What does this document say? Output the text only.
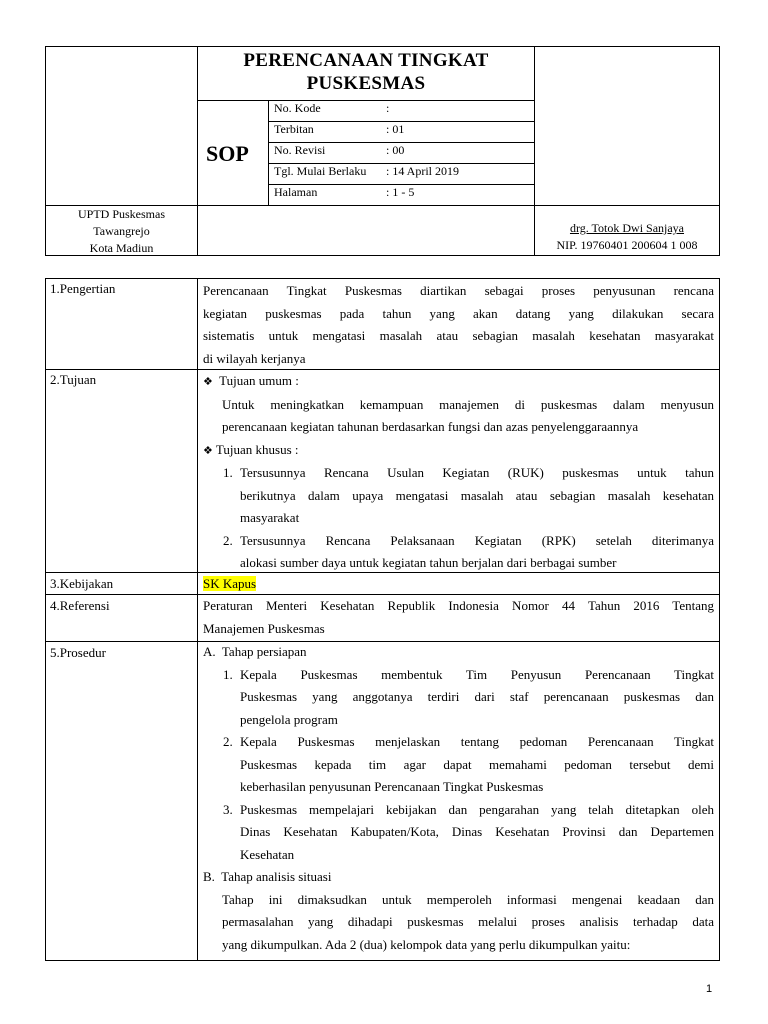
PERENCANAAN TINGKAT
PUSKESMAS
SOP
No. Kode	:
Terbitan	: 01
No. Revisi	: 00
Tgl. Mulai Berlaku : 14 April 2019
Halaman	: 1 - 5
UPTD Puskesmas
Tawangrejo
Kota Madiun
drg. Totok Dwi Sanjaya
NIP. 19760401 200604 1 008
1.Pengertian	Perencanaan Tingkat Puskesmas diartikan sebagai proses penyusunan rencana
kegiatan puskesmas pada tahun yang akan datang yang dilakukan secara
sistematis untuk mengatasi masalah atau sebagian masalah kesehatan masyarakat
di wilayah kerjanya
2.Tujuan	❖ Tujuan umum :
Untuk meningkatkan kemampuan manajemen di puskesmas dalam menyusun
perencanaan kegiatan tahunan berdasarkan fungsi dan azas penyelenggaraannya
❖ Tujuan khusus :
1. Tersusunnya Rencana Usulan Kegiatan (RUK) puskesmas untuk tahun
berikutnya dalam upaya mengatasi masalah atau sebagian masalah kesehatan
masyarakat
2. Tersusunnya Rencana Pelaksanaan Kegiatan (RPK) setelah diterimanya
alokasi sumber daya untuk kegiatan tahun berjalan dari berbagai sumber
3.Kebijakan	SK Kapus
4.Referensi	Peraturan Menteri Kesehatan Republik Indonesia Nomor 44 Tahun 2016 Tentang
Manajemen Puskesmas
5.Prosedur	A.  Tahap persiapan
1. Kepala Puskesmas membentuk Tim Penyusun Perencanaan Tingkat
Puskesmas yang anggotanya terdiri dari staf perencanaan puskesmas dan
pengelola program
2. Kepala Puskesmas menjelaskan tentang pedoman Perencanaan Tingkat
Puskesmas kepada tim agar dapat memahami pedoman tersebut demi
keberhasilan penyusunan Perencanaan Tingkat Puskesmas
3. Puskesmas mempelajari kebijakan dan pengarahan yang telah ditetapkan oleh
Dinas Kesehatan Kabupaten/Kota, Dinas Kesehatan Provinsi dan Departemen
Kesehatan
B.  Tahap analisis situasi
Tahap ini dimaksudkan untuk memperoleh informasi mengenai keadaan dan
permasalahan yang dihadapi puskesmas melalui proses analisis terhadap data
yang dikumpulkan. Ada 2 (dua) kelompok data yang perlu dikumpulkan yaitu:
1
